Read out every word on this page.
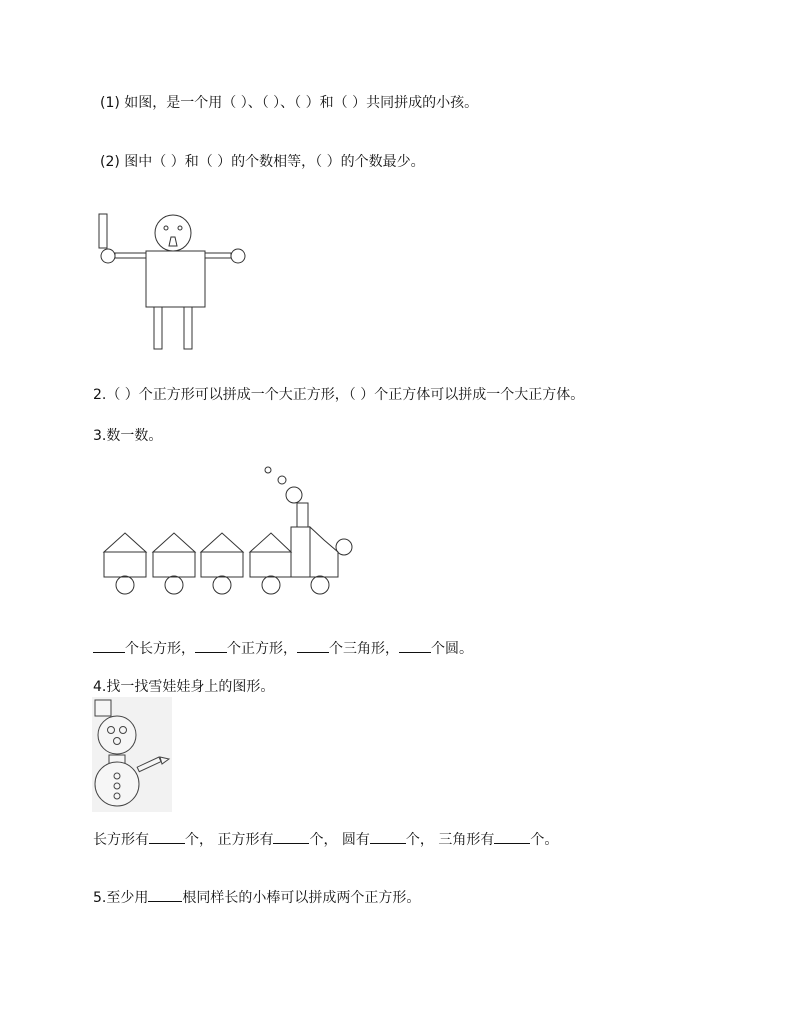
(1) 如图，是一个用（ ）、（ ）、（ ）和（ ）共同拼成的小孩。
(2) 图中（ ）和（ ）的个数相等，（ ）的个数最少。
2.（ ）个正方形可以拼成一个大正方形，（ ）个正方体可以拼成一个大正方体。
3.数一数。
个长方形， 个正方形， 个三角形， 个圆。
4.找一找雪娃娃身上的图形。
长方形有	个， 正方形有	个， 圆有	个， 三角形有	个。
5.至少用 根同样长的小棒可以拼成两个正方形。
